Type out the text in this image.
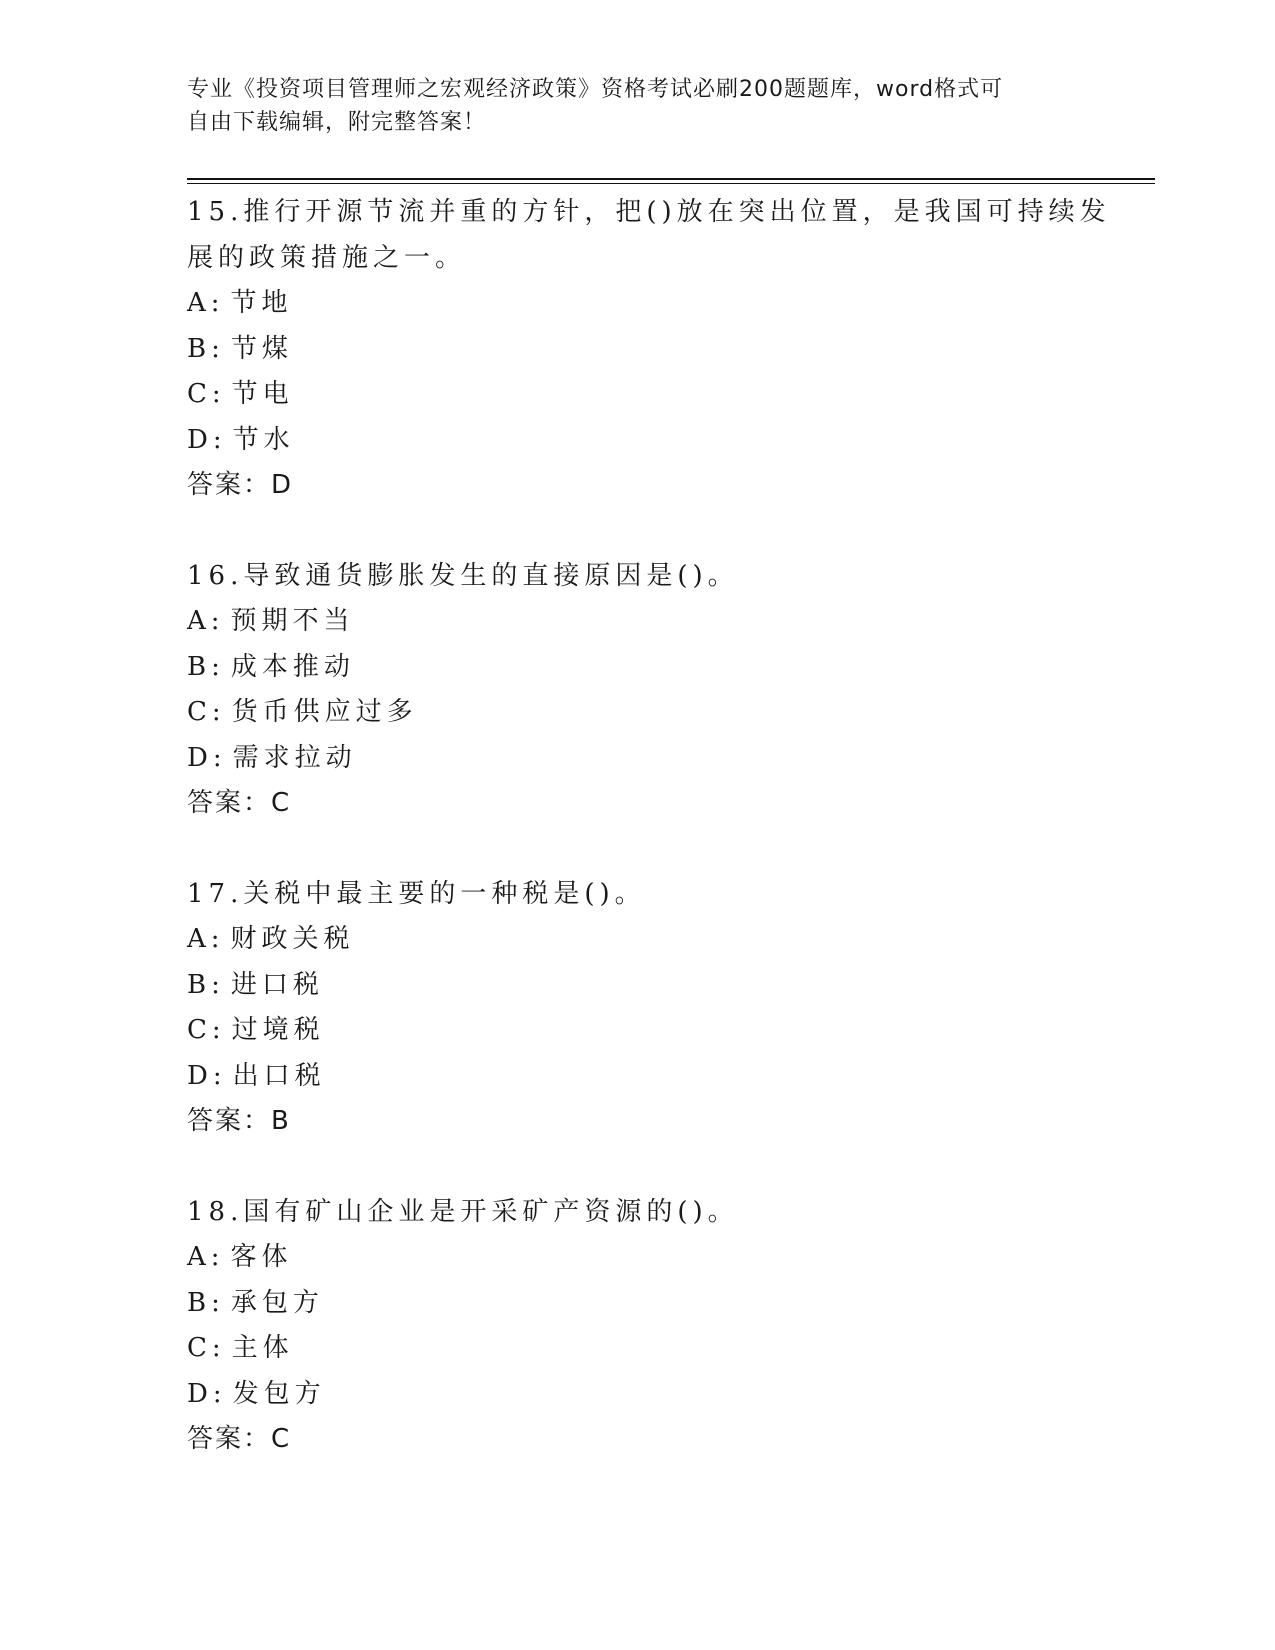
专业《投资项目管理师之宏观经济政策》资格考试必刷200题题库，word格式可
自由下载编辑，附完整答案！

15.推行开源节流并重的方针，把()放在突出位置，是我国可持续发展的政策措施之一。

A: 节地
B: 节煤
C: 节电
D: 节水

答案：D

16.导致通货膨胀发生的直接原因是()。

A: 预期不当
B: 成本推动
C: 货币供应过多
D: 需求拉动

答案：C

17.关税中最主要的一种税是()。

A: 财政关税
B: 进口税
C: 过境税
D: 出口税

答案：B

18.国有矿山企业是开采矿产资源的()。

A: 客体
B: 承包方
C: 主体
D: 发包方

答案：C
